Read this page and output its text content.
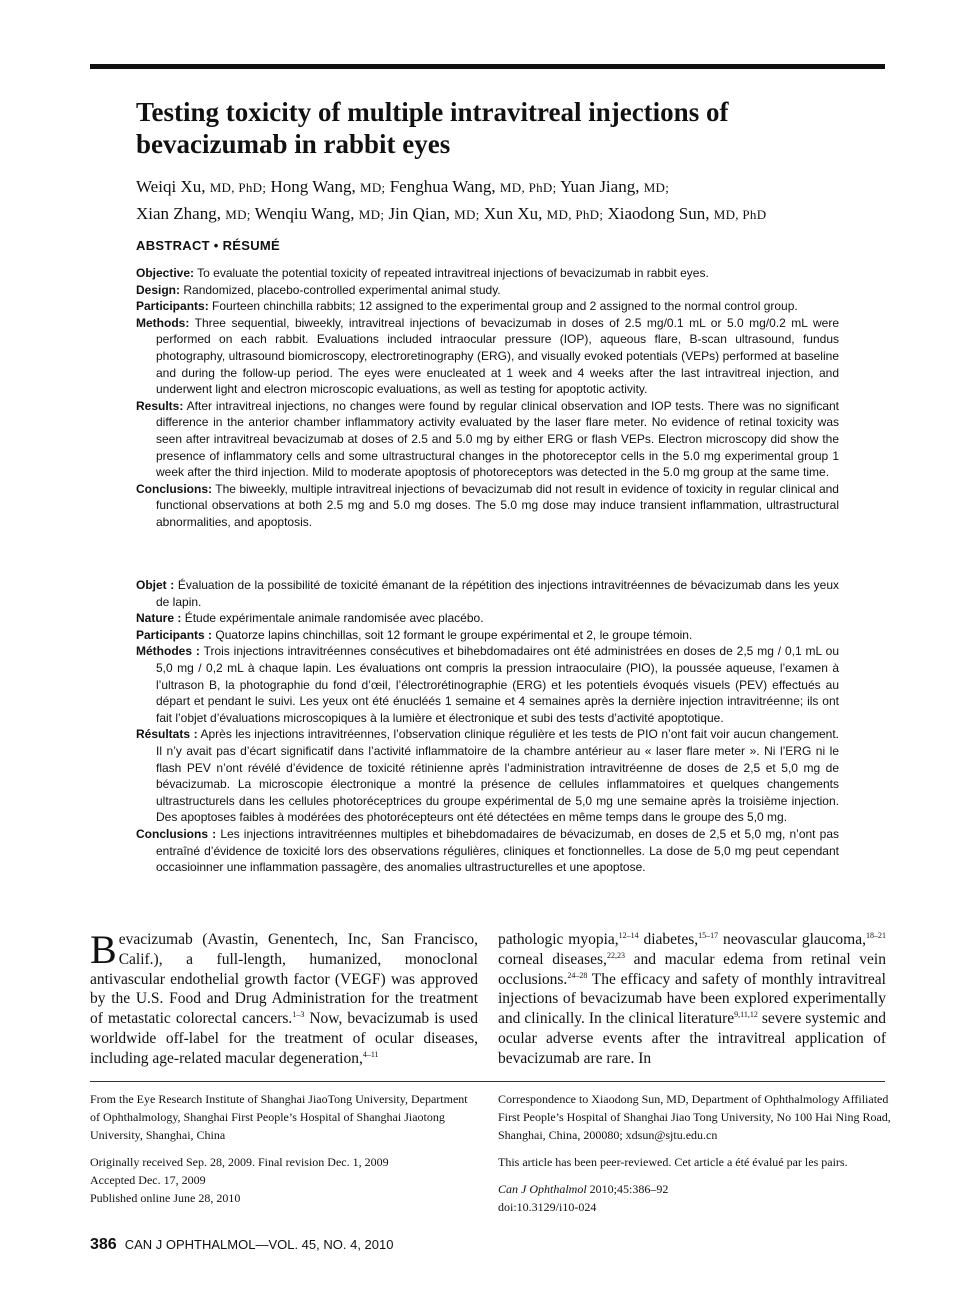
Testing toxicity of multiple intravitreal injections of bevacizumab in rabbit eyes
Weiqi Xu, MD, PhD; Hong Wang, MD; Fenghua Wang, MD, PhD; Yuan Jiang, MD;
Xian Zhang, MD; Wenqiu Wang, MD; Jin Qian, MD; Xun Xu, MD, PhD; Xiaodong Sun, MD, PhD
ABSTRACT • RÉSUMÉ

Objective: To evaluate the potential toxicity of repeated intravitreal injections of bevacizumab in rabbit eyes.

Design: Randomized, placebo-controlled experimental animal study.

Participants: Fourteen chinchilla rabbits; 12 assigned to the experimental group and 2 assigned to the normal control group.

Methods: Three sequential, biweekly, intravitreal injections of bevacizumab in doses of 2.5 mg/0.1 mL or 5.0 mg/0.2 mL were performed on each rabbit. Evaluations included intraocular pressure (IOP), aqueous flare, B-scan ultrasound, fundus photography, ultrasound biomicroscopy, electroretinography (ERG), and visually evoked potentials (VEPs) performed at baseline and during the follow-up period. The eyes were enucleated at 1 week and 4 weeks after the last intravitreal injection, and underwent light and electron microscopic evaluations, as well as testing for apoptotic activity.

Results: After intravitreal injections, no changes were found by regular clinical observation and IOP tests. There was no significant difference in the anterior chamber inflammatory activity evaluated by the laser flare meter. No evidence of retinal toxicity was seen after intravitreal bevacizumab at doses of 2.5 and 5.0 mg by either ERG or flash VEPs. Electron microscopy did show the presence of inflammatory cells and some ultrastructural changes in the photoreceptor cells in the 5.0 mg experimental group 1 week after the third injection. Mild to moderate apoptosis of photoreceptors was detected in the 5.0 mg group at the same time.

Conclusions: The biweekly, multiple intravitreal injections of bevacizumab did not result in evidence of toxicity in regular clinical and functional observations at both 2.5 mg and 5.0 mg doses. The 5.0 mg dose may induce transient inflammation, ultrastructural abnormalities, and apoptosis.

Objet : Évaluation de la possibilité de toxicité émanant de la répétition des injections intravitréennes de bévacizumab dans les yeux de lapin.

Nature : Étude expérimentale animale randomisée avec placébo.

Participants : Quatorze lapins chinchillas, soit 12 formant le groupe expérimental et 2, le groupe témoin.

Méthodes : Trois injections intravitréennes consécutives et bihebdomadaires ont été administrées en doses de 2,5 mg / 0,1 mL ou 5,0 mg / 0,2 mL à chaque lapin. Les évaluations ont compris la pression intraoculaire (PIO), la poussée aqueuse, l’examen à l’ultrason B, la photographie du fond d’œil, l’électrorétinographie (ERG) et les potentiels évoqués visuels (PEV) effectués au départ et pendant le suivi. Les yeux ont été énucléés 1 semaine et 4 semaines après la dernière injection intravitréenne; ils ont fait l’objet d’évaluations microscopiques à la lumière et électronique et subi des tests d’activité apoptotique.

Résultats : Après les injections intravitréennes, l’observation clinique régulière et les tests de PIO n’ont fait voir aucun changement. Il n’y avait pas d’écart significatif dans l’activité inflammatoire de la chambre antérieur au « laser flare meter ». Ni l’ERG ni le flash PEV n’ont révélé d’évidence de toxicité rétinienne après l’administration intravitréenne de doses de 2,5 et 5,0 mg de bévacizumab. La microscopie électronique a montré la présence de cellules inflammatoires et quelques changements ultrastructurels dans les cellules photoréceptrices du groupe expérimental de 5,0 mg une semaine après la troisième injection. Des apoptoses faibles à modérées des photorécepteurs ont été détectées en même temps dans le groupe des 5,0 mg.

Conclusions : Les injections intravitréennes multiples et bihebdomadaires de bévacizumab, en doses de 2,5 et 5,0 mg, n’ont pas entraîné d’évidence de toxicité lors des observations régulières, cliniques et fonctionnelles. La dose de 5,0 mg peut cependant occasioinner une inflammation passagère, des anomalies ultrastructurelles et une apoptose.

Bevacizumab (Avastin, Genentech, Inc, San Francisco, Calif.), a full-length, humanized, monoclonal antivascular endothelial growth factor (VEGF) was approved by the U.S. Food and Drug Administration for the treatment of metastatic colorectal cancers.$^{1-3}$ Now, bevacizumab is used worldwide off-label for the treatment of ocular diseases, including age-related macular degeneration,$^{4-11}$

pathologic myopia,$^{12-14}$ diabetes,$^{15-17}$ neovascular glaucoma,$^{18-21}$ corneal diseases,$^{22,23}$ and macular edema from retinal vein occlusions.$^{24-28}$ The efficacy and safety of monthly intravitreal injections of bevacizumab have been explored experimentally and clinically. In the clinical literature$^{9,11,12}$ severe systemic and ocular adverse events after the intravitreal application of bevacizumab are rare. In

From the Eye Research Institute of Shanghai JiaoTong University, Department of Ophthalmology, Shanghai First People’s Hospital of Shanghai Jiaotong University, Shanghai, China

Originally received Sep. 28, 2009. Final revision Dec. 1, 2009

Accepted Dec. 17, 2009

Published online June 28, 2010

Correspondence to Xiaodong Sun, MD, Department of Ophthalmology Affiliated First People’s Hospital of Shanghai Jiao Tong University, No 100 Hai Ning Road, Shanghai, China, 200080; xdsun@sjtu.edu.cn

This article has been peer-reviewed. Cet article a été évalué par les pairs.

Can J Ophthalmol 2010;45:386–92

doi:10.3129/i10-024

386 CAN J OPHTHALMOL—VOL. 45, NO. 4, 2010
